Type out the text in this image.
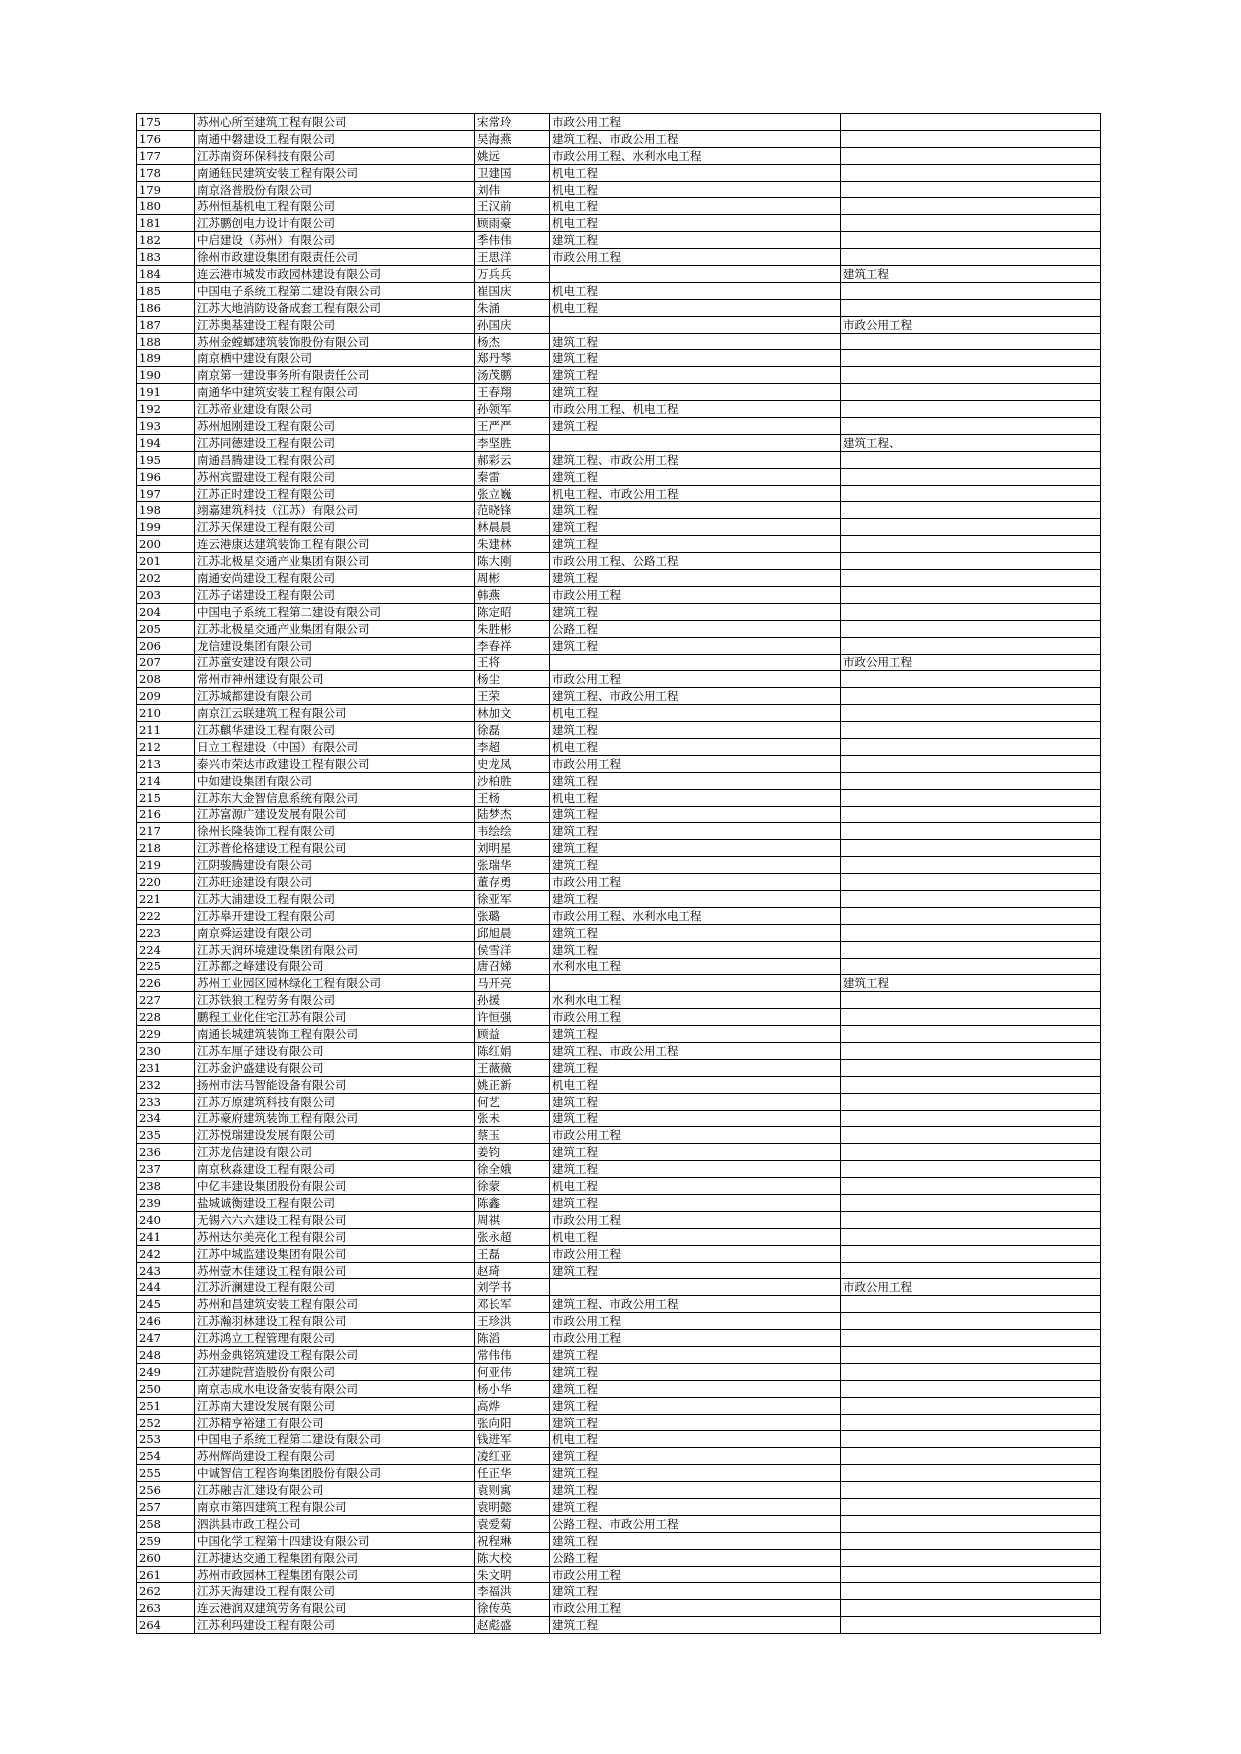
175	苏州心所至建筑工程有限公司	宋常玲	市政公用工程	
176	南通中磐建设工程有限公司	吴海燕	建筑工程、市政公用工程	
177	江苏南资环保科技有限公司	姚远	市政公用工程、水利水电工程	
178	南通钰民建筑安装工程有限公司	卫建国	机电工程	
179	南京洛普股份有限公司	刘伟	机电工程	
180	苏州恒基机电工程有限公司	王汉前	机电工程	
181	江苏鹏创电力设计有限公司	顾雨豪	机电工程	
182	中启建设（苏州）有限公司	季伟伟	建筑工程	
183	徐州市政建设集团有限责任公司	王思洋	市政公用工程	
184	连云港市城发市政园林建设有限公司	万兵兵		建筑工程
185	中国电子系统工程第二建设有限公司	崔国庆	机电工程	
186	江苏大地消防设备成套工程有限公司	朱涌	机电工程	
187	江苏奥基建设工程有限公司	孙国庆		市政公用工程
188	苏州金螳螂建筑装饰股份有限公司	杨杰	建筑工程	
189	南京栖中建设有限公司	郑丹琴	建筑工程	
190	南京第一建设事务所有限责任公司	汤茂鹏	建筑工程	
191	南通华中建筑安装工程有限公司	王春翔	建筑工程	
192	江苏帝业建设有限公司	孙领军	市政公用工程、机电工程	
193	苏州旭刚建设工程有限公司	王严严	建筑工程	
194	江苏同德建设工程有限公司	李坚胜		建筑工程、
195	南通昌腾建设工程有限公司	郝彩云	建筑工程、市政公用工程	
196	苏州宾盟建设工程有限公司	秦雷	建筑工程	
197	江苏正时建设工程有限公司	张立巍	机电工程、市政公用工程	
198	翊嘉建筑科技（江苏）有限公司	范晓锋	建筑工程	
199	江苏天保建设工程有限公司	林晨晨	建筑工程	
200	连云港康达建筑装饰工程有限公司	朱建林	建筑工程	
201	江苏北极星交通产业集团有限公司	陈大刚	市政公用工程、公路工程	
202	南通安尚建设工程有限公司	周彬	建筑工程	
203	江苏子诺建设工程有限公司	韩燕	市政公用工程	
204	中国电子系统工程第二建设有限公司	陈定昭	建筑工程	
205	江苏北极星交通产业集团有限公司	朱胜彬	公路工程	
206	龙信建设集团有限公司	李春祥	建筑工程	
207	江苏童安建设有限公司	王将		市政公用工程
208	常州市神州建设有限公司	杨尘	市政公用工程	
209	江苏城都建设有限公司	王荣	建筑工程、市政公用工程	
210	南京江云联建筑工程有限公司	林加文	机电工程	
211	江苏麒华建设工程有限公司	徐磊	建筑工程	
212	日立工程建设（中国）有限公司	李超	机电工程	
213	泰兴市荣达市政建设工程有限公司	史龙凤	市政公用工程	
214	中如建设集团有限公司	沙柏胜	建筑工程	
215	江苏东大金智信息系统有限公司	王杨	机电工程	
216	江苏富源广建设发展有限公司	陆梦杰	建筑工程	
217	徐州长隆装饰工程有限公司	韦绘绘	建筑工程	
218	江苏普伦格建设工程有限公司	刘明星	建筑工程	
219	江阴骏腾建设有限公司	张瑞华	建筑工程	
220	江苏旺途建设有限公司	董存勇	市政公用工程	
221	江苏大浦建设工程有限公司	徐亚军	建筑工程	
222	江苏皋开建设工程有限公司	张璐	市政公用工程、水利水电工程	
223	南京舜运建设有限公司	邱旭晨	建筑工程	
224	江苏天润环境建设集团有限公司	侯雪洋	建筑工程	
225	江苏都之峰建设有限公司	唐召娣	水利水电工程	
226	苏州工业园区园林绿化工程有限公司	马开亮		建筑工程
227	江苏铁狼工程劳务有限公司	孙援	水利水电工程	
228	鹏程工业化住宅江苏有限公司	许恒强	市政公用工程	
229	南通长城建筑装饰工程有限公司	顾益	建筑工程	
230	江苏车厘子建设有限公司	陈红娟	建筑工程、市政公用工程	
231	江苏金沪盛建设有限公司	王薇薇	建筑工程	
232	扬州市法马智能设备有限公司	姚正新	机电工程	
233	江苏万原建筑科技有限公司	何艺	建筑工程	
234	江苏豪府建筑装饰工程有限公司	张未	建筑工程	
235	江苏悦瑞建设发展有限公司	蔡玉	市政公用工程	
236	江苏龙信建设有限公司	姜钧	建筑工程	
237	南京秋淼建设工程有限公司	徐全娥	建筑工程	
238	中亿丰建设集团股份有限公司	徐蒙	机电工程	
239	盐城诚衡建设工程有限公司	陈鑫	建筑工程	
240	无锡六六六建设工程有限公司	周祺	市政公用工程	
241	苏州达尔美亮化工程有限公司	张永超	机电工程	
242	江苏中城监建设集团有限公司	王磊	市政公用工程	
243	苏州壹木佳建设工程有限公司	赵琦	建筑工程	
244	江苏沂澜建设工程有限公司	刘学书		市政公用工程
245	苏州和昌建筑安装工程有限公司	邓长军	建筑工程、市政公用工程	
246	江苏瀚羽林建设工程有限公司	王珍洪	市政公用工程	
247	江苏鸿立工程管理有限公司	陈滔	市政公用工程	
248	苏州金典铭筑建设工程有限公司	常伟伟	建筑工程	
249	江苏建院营造股份有限公司	何亚伟	建筑工程	
250	南京志成水电设备安装有限公司	杨小华	建筑工程	
251	江苏南大建设发展有限公司	高烨	建筑工程	
252	江苏精亨裕建工有限公司	张向阳	建筑工程	
253	中国电子系统工程第二建设有限公司	钱进军	机电工程	
254	苏州辉尚建设工程有限公司	凌红亚	建筑工程	
255	中诚智信工程咨询集团股份有限公司	任正华	建筑工程	
256	江苏融吉汇建设有限公司	袁则寓	建筑工程	
257	南京市第四建筑工程有限公司	袁明懿	建筑工程	
258	泗洪县市政工程公司	袁爱菊	公路工程、市政公用工程	
259	中国化学工程第十四建设有限公司	祝程琳	建筑工程	
260	江苏捷达交通工程集团有限公司	陈大校	公路工程	
261	苏州市政园林工程集团有限公司	朱文明	市政公用工程	
262	江苏天海建设工程有限公司	李福洪	建筑工程	
263	连云港润双建筑劳务有限公司	徐传英	市政公用工程	
264	江苏利玛建设工程有限公司	赵彪盛	建筑工程	
